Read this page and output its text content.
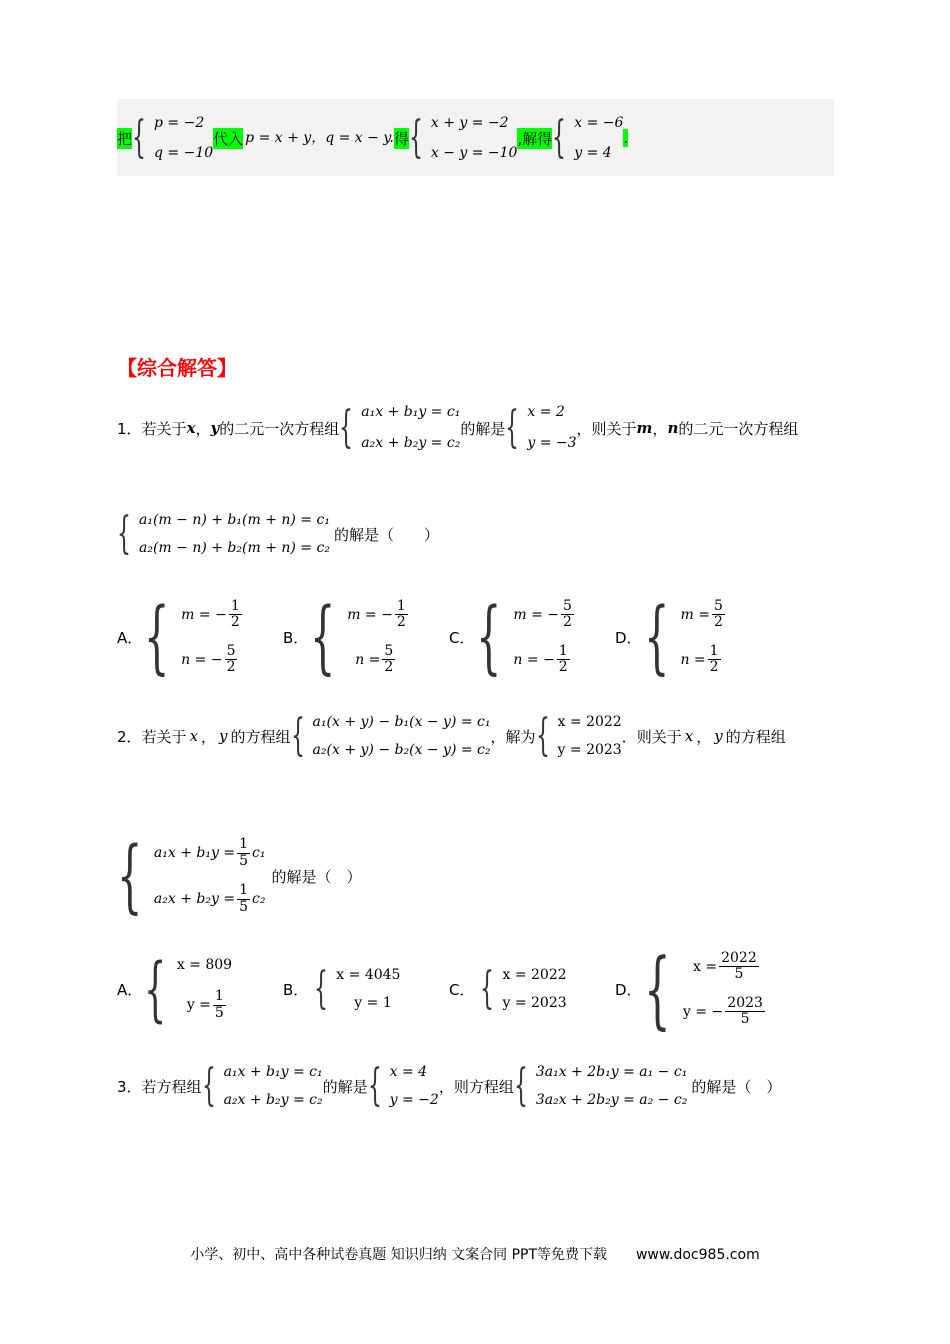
把 { p = −2
q = −10
代入 p = x + y， q = x − y. 得 { x + y = −2
x − y = −10
,解得 { x = −6
y = 4
.
【综合解答】
1． 若关于 x ， y 的二元一次方程组 { a₁x + b₁y = c₁
a₂x + b₂y = c₂
的解是 { x = 2
y = −3
，则关于 m ， n 的二元一次方程组
{ a₁(m − n) + b₁(m + n) = c₁
a₂(m − n) + b₂(m + n) = c₂
的解是（　　）
A． { m = − $\frac{1}{2}$
n = − $\frac{5}{2}$
B． { m = − $\frac{1}{2}$
$n = \frac{5}{2}$
C． { m = − $\frac{5}{2}$
n = − $\frac{1}{2}$
D． { $m = \frac{5}{2}$
$n = \frac{1}{2}$
2． 若关于 x ， y 的方程组 { a₁(x + y) − b₁(x − y) = c₁
a₂(x + y) − b₂(x − y) = c₂
，解为 { x = 2022
y = 2023
．则关于 x ， y 的方程组
{ $a_1x + b_1y = \frac{1}{5} c_1$
$a_2x + b_2y = \frac{1}{5} c_2$
的解是（　）
A． { x = 809
$y = \frac{1}{5}$	B． { x = 4045
y = 1
C． { x = 2022
y = 2023
D． {	$x = \frac{2022}{5}$
y = − $\frac{2023}{5}$
3． 若方程组 { a₁x + b₁y = c₁
a₂x + b₂y = c₂
的解是 { x = 4
y = −2
，则方程组 { 3a₁x + 2b₁y = a₁ − c₁
3a₂x + 2b₂y = a₂ − c₂
的解是（　）
小学、初中、高中各种试卷真题 知识归纳 文案合同 PPT等免费下载 www.doc985.com
